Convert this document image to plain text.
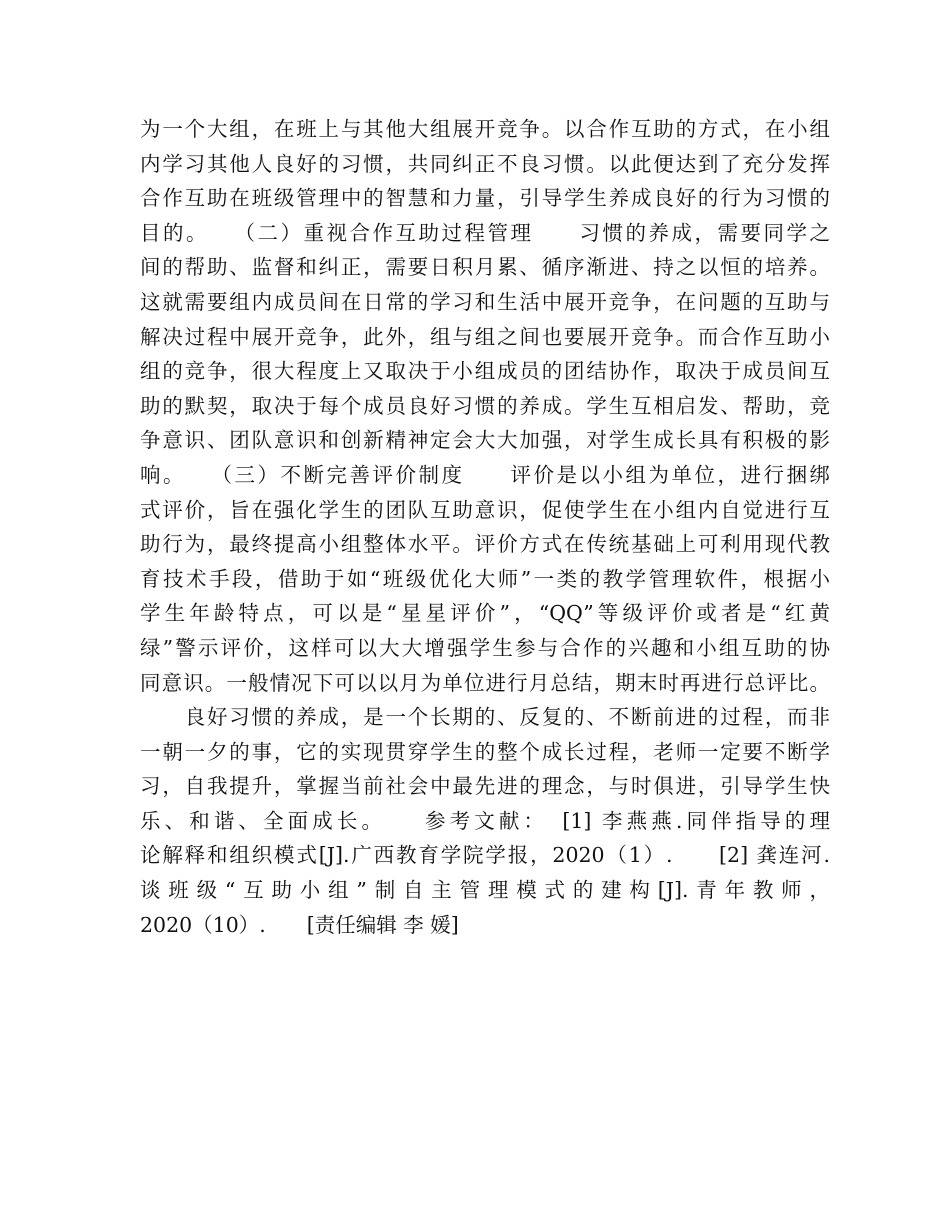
为一个大组，在班上与其他大组展开竞争。以合作互助的方式，在小组
内学习其他人良好的习惯，共同纠正不良习惯。以此便达到了充分发挥
合作互助在班级管理中的智慧和力量，引导学生养成良好的行为习惯的
目的。　　（二）重视合作互助过程管理　　习惯的养成，需要同学之
间的帮助、监督和纠正，需要日积月累、循序渐进、持之以恒的培养。
这就需要组内成员间在日常的学习和生活中展开竞争，在问题的互助与
解决过程中展开竞争，此外，组与组之间也要展开竞争。而合作互助小
组的竞争，很大程度上又取决于小组成员的团结协作，取决于成员间互
助的默契，取决于每个成员良好习惯的养成。学生互相启发、帮助，竞
争意识、团队意识和创新精神定会大大加强，对学生成长具有积极的影
响。　　（三）不断完善评价制度　　评价是以小组为单位，进行捆绑
式评价，旨在强化学生的团队互助意识，促使学生在小组内自觉进行互
助行为，最终提高小组整体水平。评价方式在传统基础上可利用现代教
育技术手段，借助于如“班级优化大师”一类的教学管理软件，根据小
学生年龄特点，可以是“星星评价”，“QQ”等级评价或者是“红黄
绿”警示评价，这样可以大大增强学生参与合作的兴趣和小组互助的协
同意识。一般情况下可以以月为单位进行月总结，期末时再进行总评比。
　　良好习惯的养成，是一个长期的、反复的、不断前进的过程，而非
一朝一夕的事，它的实现贯穿学生的整个成长过程，老师一定要不断学
习，自我提升，掌握当前社会中最先进的理念，与时俱进，引导学生快
乐、和谐、全面成长。　　参考文献：　[1] 李燕燕.同伴指导的理
论解释和组织模式[J].广西教育学院学报，2020（1）.　　[2] 龚连河.
谈班级“互助小组”制自主管理模式的建构[J].青年教师，
2020（10）.　　[责任编辑 李 媛]
